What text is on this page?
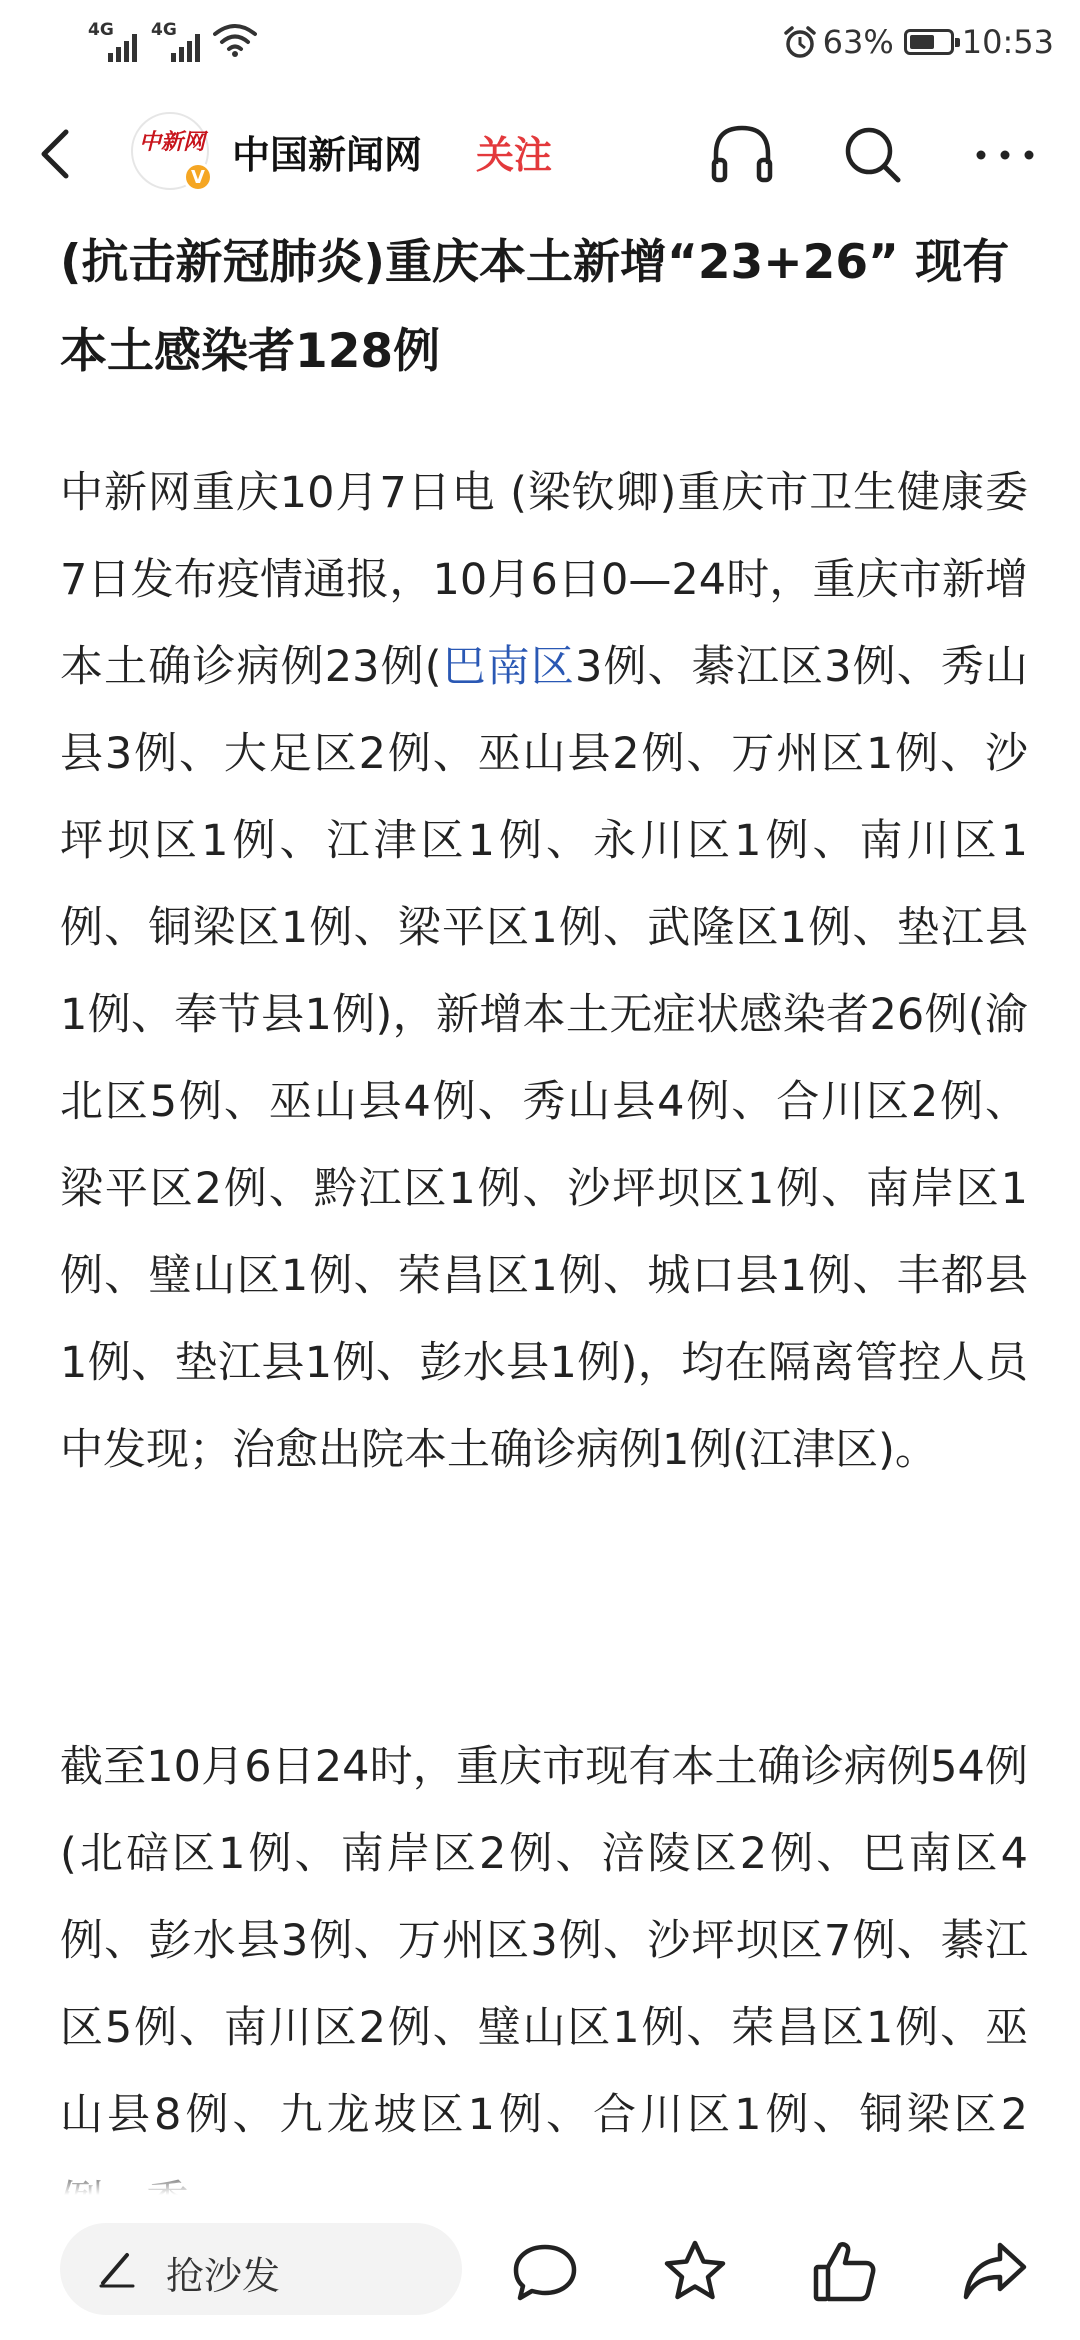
4G 4G	63% 10:53
中新网
V
中国新闻网 关注
(抗击新冠肺炎)重庆本土新增“23+26” 现有本土感染者128例

中新网重庆10月7日电 (梁钦卿)重庆市卫生健康委7日发布疫情通报，10月6日0—24时，重庆市新增本土确诊病例23例(巴南区3例、綦江区3例、秀山县3例、大足区2例、巫山县2例、万州区1例、沙坪坝区1例、江津区1例、永川区1例、南川区1例、铜梁区1例、梁平区1例、武隆区1例、垫江县1例、奉节县1例)，新增本土无症状感染者26例(渝北区5例、巫山县4例、秀山县4例、合川区2例、梁平区2例、黔江区1例、沙坪坝区1例、南岸区1例、璧山区1例、荣昌区1例、城口县1例、丰都县1例、垫江县1例、彭水县1例)，均在隔离管控人员中发现；治愈出院本土确诊病例1例(江津区)。

截至10月6日24时，重庆市现有本土确诊病例54例(北碚区1例、南岸区2例、涪陵区2例、巴南区4例、彭水县3例、万州区3例、沙坪坝区7例、綦江区5例、南川区2例、璧山区1例、荣昌区1例、巫山县8例、九龙坡区1例、合川区1例、铜梁区2

抢沙发
